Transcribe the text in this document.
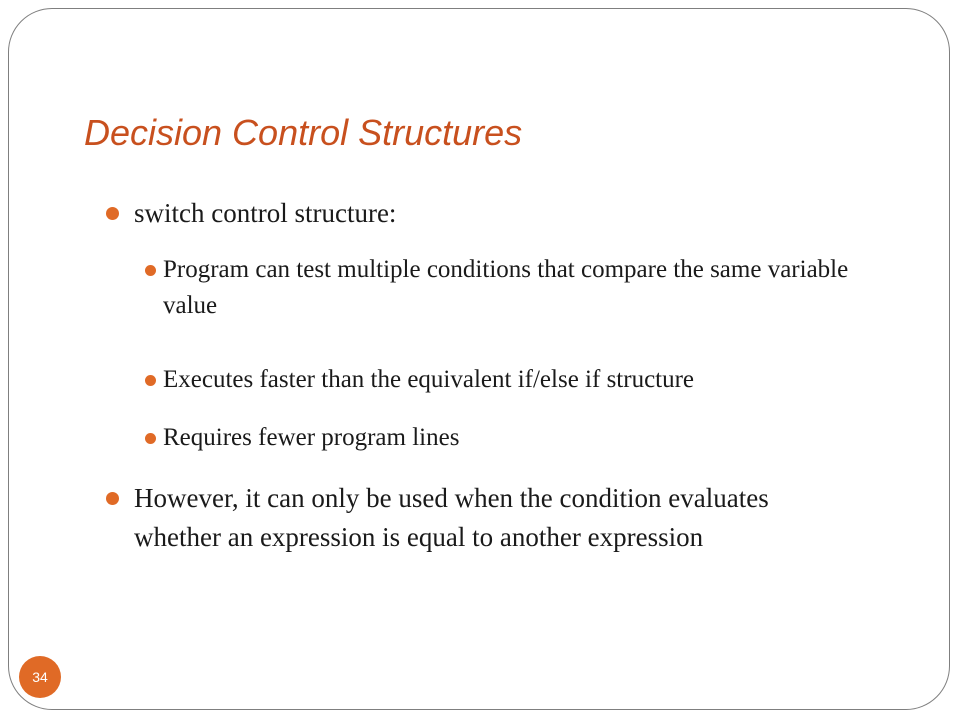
Decision Control Structures
switch control structure:
Program can test multiple conditions that compare the same variable value
Executes faster than the equivalent if/else if structure
Requires fewer program lines
However, it can only be used when the condition evaluates whether an expression is equal to another expression
34
